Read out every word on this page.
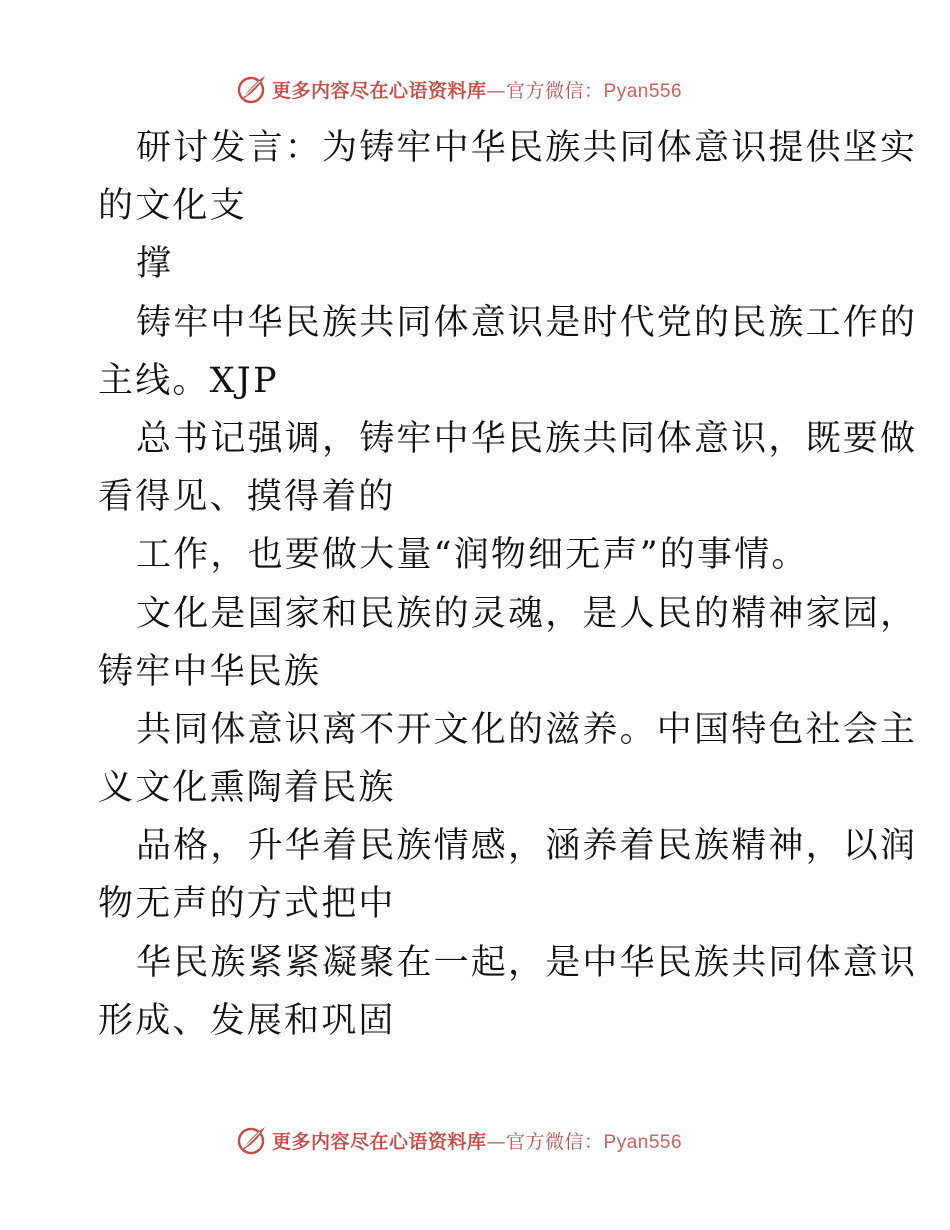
更多内容尽在心语资料库—官方微信：Pyan556
研讨发言：为铸牢中华民族共同体意识提供坚实
的文化支
撑
铸牢中华民族共同体意识是时代党的民族工作的
主线。XJP
总书记强调，铸牢中华民族共同体意识，既要做
看得见、摸得着的
工作，也要做大量“润物细无声”的事情。
文化是国家和民族的灵魂，是人民的精神家园，
铸牢中华民族
共同体意识离不开文化的滋养。中国特色社会主
义文化熏陶着民族
品格，升华着民族情感，涵养着民族精神，以润
物无声的方式把中
华民族紧紧凝聚在一起，是中华民族共同体意识
形成、发展和巩固
更多内容尽在心语资料库—官方微信：Pyan556
